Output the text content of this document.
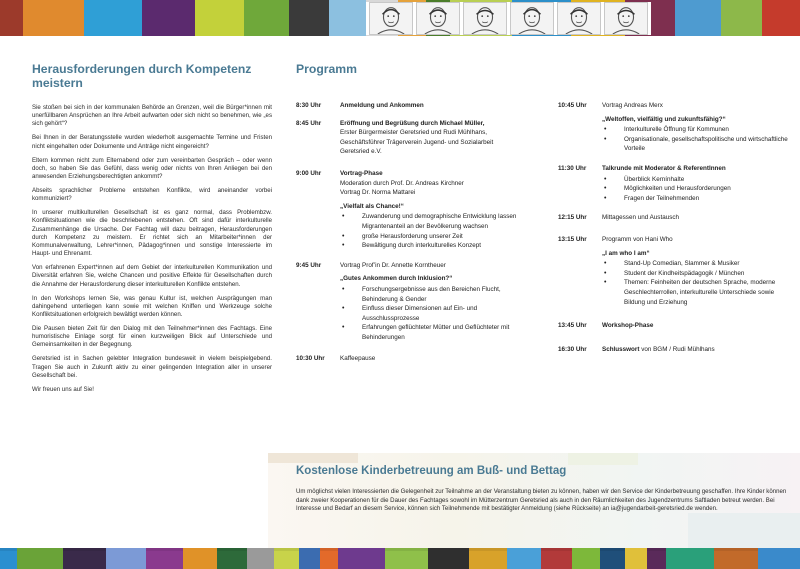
Herausforderungen durch Kompetenz meistern

Sie stoßen bei sich in der kommunalen Behörde an Grenzen, weil die Bürger*innen mit unerfüllbaren Ansprüchen an Ihre Arbeit aufwarten oder sich nicht so benehmen, wie „es sich gehört“?

Bei Ihnen in der Beratungsstelle wurden wiederholt ausgemachte Termine und Fristen nicht eingehalten oder Dokumente und Anträge nicht eingereicht?

Eltern kommen nicht zum Elternabend oder zum vereinbarten Gespräch – oder wenn doch, so haben Sie das Gefühl, dass wenig oder nichts von Ihren Anliegen bei den anwesenden Erziehungsberechtigten ankommt?

Abseits sprachlicher Probleme entstehen Konflikte, wird aneinander vorbei kommuniziert?

In unserer multikulturellen Gesellschaft ist es ganz normal, dass Problembzw. Konfliktsituationen wie die beschriebenen entstehen. Oft sind dafür interkulturelle Zusammenhänge die Ursache. Der Fachtag will dazu beitragen, Herausforderungen durch Kompetenz zu meistern. Er richtet sich an Mitarbeiter*innen der Kommunalverwaltung, Lehrer*innen, Pädagog*innen und sonstige Interessierte im Haupt- und Ehrenamt.

Von erfahrenen Expert*innen auf dem Gebiet der interkulturellen Kommunikation und Diversität erfahren Sie, welche Chancen und positive Effekte für Gesellschaften durch die Annahme der Herausforderung dieser interkulturellen Konflikte entstehen.

In den Workshops lernen Sie, was genau Kultur ist, welchen Ausprägungen man dahingehend unterliegen kann sowie mit welchen Kniffen und Werkzeuge solche Konfliktsituationen erfolgreich bewältigt werden können.

Die Pausen bieten Zeit für den Dialog mit den Teilnehmer*innen des Fachtags. Eine humoristische Einlage sorgt für einen kurzweiligen Blick auf Unterschiede und Gemeinsamkeiten in der Begegnung.

Geretsried ist in Sachen gelebter Integration bundesweit in vielem beispielgebend. Tragen Sie auch in Zukunft aktiv zu einer gelingenden Integration aller in unserer Gesellschaft bei.

Wir freuen uns auf Sie!

Programm
8:30 Uhr	Anmeldung und Ankommen
8:45 Uhr	Eröffnung und Begrüßung durch Michael Müller,
Erster Bürgermeister Geretsried und Rudi Mühlhans,
Geschäftsführer Trägerverein Jugend- und Sozialarbeit
Geretsried e.V.
9:00 Uhr	Vortrag-Phase
Moderation durch Prof. Dr. Andreas Kirchner
Vortrag Dr. Norma Mattarei
„Vielfalt als Chance!“
• Zuwanderung und demographische Entwicklung lassen Migrantenanteil an der Bevölkerung wachsen
• große Herausforderung unserer Zeit
• Bewältigung durch interkulturelles Konzept
9:45 Uhr	Vortrag Prof’in Dr. Annette Korntheuer
„Gutes Ankommen durch Inklusion?“
• Forschungsergebnisse aus den Bereichen Flucht, Behinderung & Gender
• Einfluss dieser Dimensionen auf Ein- und Ausschlussprozesse
• Erfahrungen geflüchteter Mütter und Geflüchteter mit Behinderungen
10:30 Uhr	Kaffeepause
10:45 Uhr	Vortrag Andreas Merx
„Weltoffen, vielfältig und zukunftsfähig?“
• Interkulturelle Öffnung für Kommunen
• Organisationale, gesellschaftspolitische und wirtschaftliche Vorteile
11:30 Uhr	Talkrunde mit Moderator & ReferentInnen
• Überblick Kernínhalte
• Möglichkeiten und Herausforderungen
• Fragen der Teilnehmenden
12:15 Uhr	Mittagessen und Austausch
13:15 Uhr	Programm von Hani Who
„I am who I am“
• Stand-Up Comedian, Slammer & Musiker
• Student der Kindheitspädagogik / München
• Themen: Feinheiten der deutschen Sprache, moderne Geschlechterrollen, interkulturelle Unterschiede sowie Bildung und Erziehung
13:45 Uhr	Workshop-Phase
16:30 Uhr	Schlusswort von BGM / Rudi Mühlhans
Kostenlose Kinderbetreuung am Buß- und Bettag

Um möglichst vielen Interessierten die Gelegenheit zur Teilnahme an der Veranstaltung bieten zu können, haben wir den Service der Kinderbetreuung geschaffen. Ihre Kinder können dank zweier Kooperationen für die Dauer des Fachtages sowohl im Mütterzentrum Geretsried als auch in den Räumlichkeiten des Jugendzentrums Saftladen betreut werden. Bei Interesse und Bedarf an diesem Service, können sich Teilnehmende mit bestätigter Anmeldung (siehe Rückseite) an ia@jugendarbeit-geretsried.de wenden.
